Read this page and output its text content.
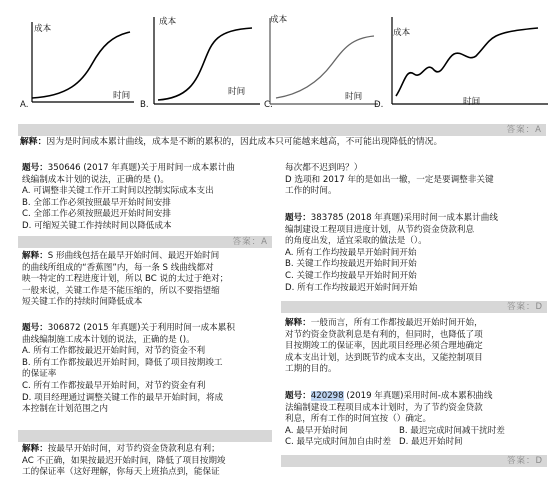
成本
时间
A.
成本
时间
B.
成本
时间
C.
成本
时间
D.
答案：A
解释：因为是时间成本累计曲线，成本是不断的累积的，因此成本只可能越来越高，不可能出现降低的情况。
题号：350646 (2017 年真题)关于用时间一成本累计曲
线编制成本计划的说法，正确的是 ()。
A. 可调整非关键工作开工时间以控制实际成本支出
B. 全部工作必须按照最早开始时间安排
C. 全部工作必须按照最迟开始时间安排
D. 可缩短关键工作持续时间以降低成本
答案：A
解释：S 形曲线包括在最早开始时间、最迟开始时间
的曲线所组成的“香蕉图”内，每一条 S 线曲线都对
映一特定的工程进度计划，所以 BC 说的太过于绝对；
一般来说，关键工作是不能压缩的，所以不要指望缩
短关键工作的持续时间降低成本
题号：306872 (2015 年真题)关于利用时间一成本累积
曲线编制施工成本计划的说法，正确的是 ()。
A. 所有工作都按最迟开始时间，对节约资金不利
B. 所有工作都按最迟开始时间，降低了项目按期竣工
的保证率
C. 所有工作都按最早开始时间，对节约资金有利
D. 项目经理通过调整关键工作的最早开始时间，将成
本控制在计划范围之内
解释：按最早开始时间，对节约资金贷款利息有利；
AC 不正确，如果按最迟开始时间，降低了项目按期竣
工的保证率（这好理解，你每天上班掐点到，能保证
每次都不迟到吗？）
D 选项和 2017 年的是如出一辙，一定是要调整非关键
工作的时间。
题号：383785 (2018 年真题)采用时间一成本累计曲线
编制建设工程项目进度计划，从节约资金贷款利息
的角度出发，适宜采取的做法是（）。
A. 所有工作均按最早开始时间开始
B. 关键工作均按最迟开始时间开始
C. 关键工作均按最早开始时间开始
D. 所有工作均按最迟开始时间开始
答案：D
解释：一般而言，所有工作都按最迟开始时间开始，
对节约资金贷款利息是有利的，但同时，也降低了项
目按期竣工的保证率，因此项目经理必须合理地确定
成本支出计划，达到既节约成本支出，又能控制项目
工期的目的。
题号：420298 (2019 年真题)采用时间-成本累积曲线
法编制建设工程项目成本计划时，为了节约资金贷款
利息，所有工作的时间宜按（）确定。
A. 最早开始时间	B. 最迟完成时间减干扰时差
C. 最早完成时间加自由时差 D. 最迟开始时间
答案：D
